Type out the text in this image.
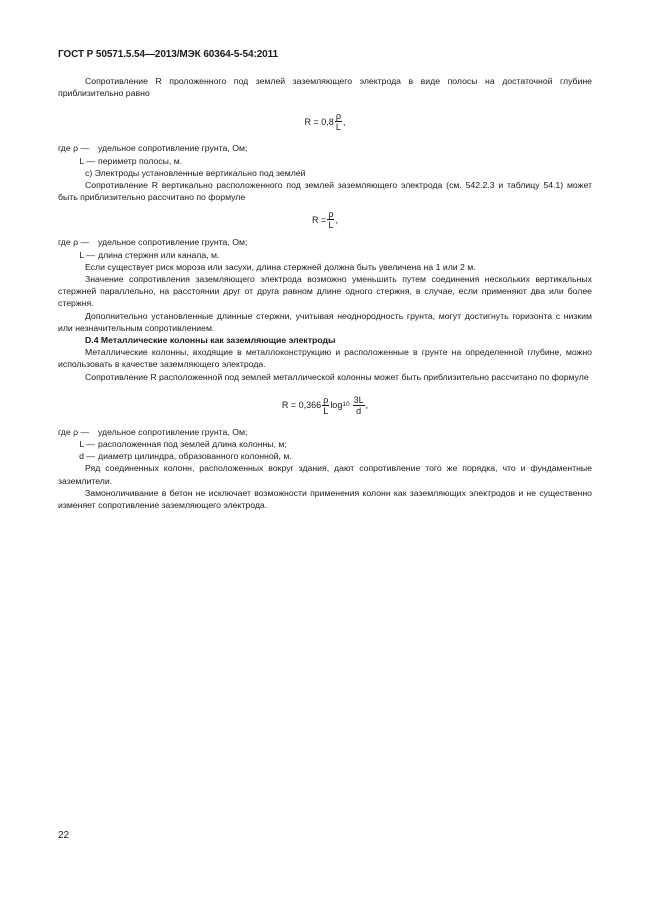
ГОСТ Р 50571.5.54—2013/МЭК 60364-5-54:2011

Сопротивление R проложенного под землей заземляющего электрода в виде полосы на достаточной глубине приблизительно равно

$R = 0,8 \frac{\rho}{L}$ ,
где ρ —	удельное сопротивление грунта, Ом;
L — периметр полосы, м.

c) Электроды установленные вертикально под землей

Сопротивление R вертикально расположенного под землей заземляющего электрода (см. 542.2.3 и таблицу 54.1) может быть приблизительно рассчитано по формуле

$R = \frac{\rho}{L}$ ,
где ρ —	удельное сопротивление грунта, Ом;
L — длина стержня или канала, м.

Если существует риск мороза или засухи, длина стержней должна быть увеличена на 1 или 2 м.

Значение сопротивления заземляющего электрода возможно уменьшить путем соединения нескольких вертикальных стержней параллельно, на расстоянии друг от друга равном длине одного стержня, в случае, если применяют два или более стержня.

Дополнительно установленные длинные стержни, учитывая неоднородность грунта, могут достигнуть горизонта с низким или незначительным сопротивлением.

D.4 Металлические колонны как заземляющие электроды

Металлические колонны, входящие в металлоконструкцию и расположенные в грунте на определенной глубине, можно использовать в качестве заземляющего электрода.

Сопротивление R расположенной под землей металлической колонны может быть приблизительно рассчитано по формуле

$R = 0,366 \frac{\rho}{L}$ $\log 10 \frac{3L}{d}$ ,
где ρ —	удельное сопротивление грунта, Ом;
L — расположенная под землей длина колонны, м;
d — диаметр цилиндра, образованного колонной, м.

Ряд соединенных колонн, расположенных вокруг здания, дают сопротивление того же порядка, что и фундаментные заземлители.

Замоноличивание в бетон не исключает возможности применения колонн как заземляющих электродов и не существенно изменяет сопротивление заземляющего электрода.

22
